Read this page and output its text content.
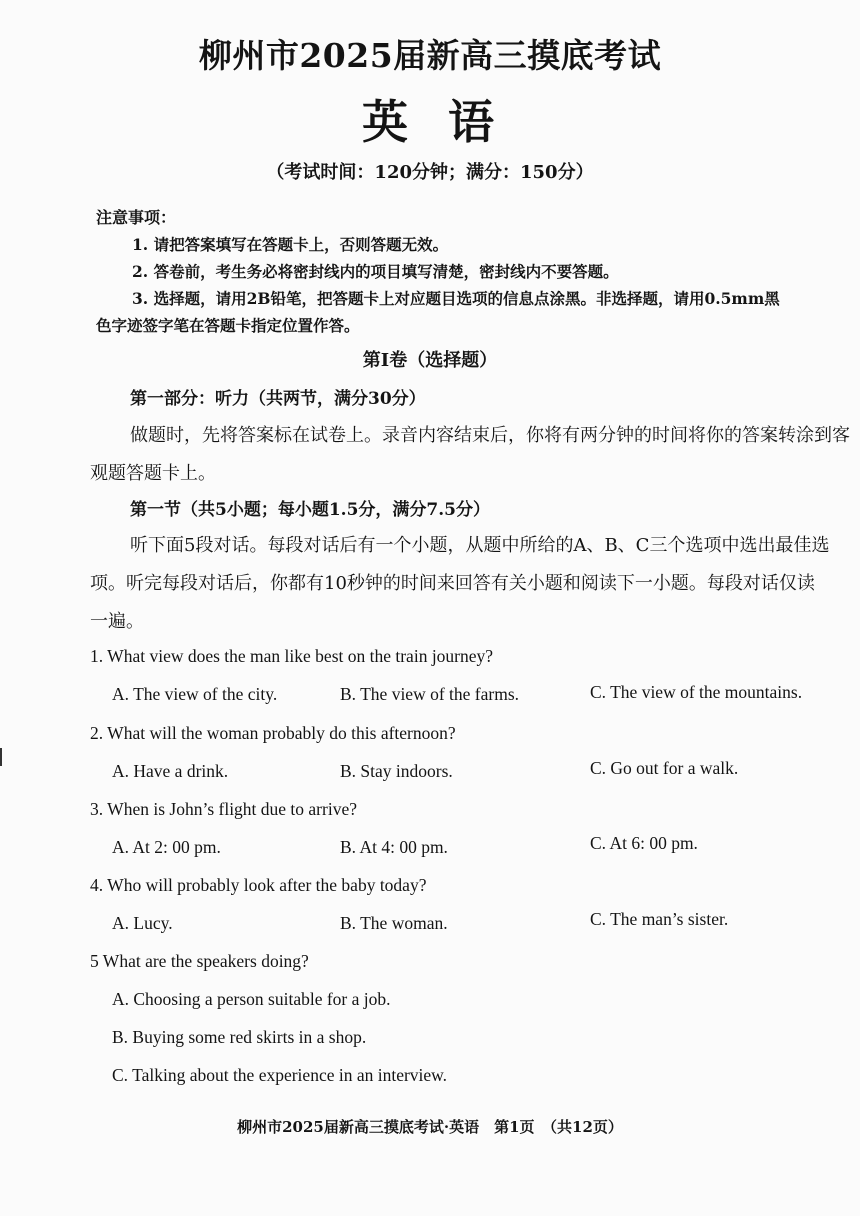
柳州市2025届新高三摸底考试
英语
（考试时间：120分钟；满分：150分）
注意事项：
1. 请把答案填写在答题卡上，否则答题无效。
2. 答卷前，考生务必将密封线内的项目填写清楚，密封线内不要答题。
3. 选择题，请用2B铅笔，把答题卡上对应题目选项的信息点涂黑。非选择题，请用0.5mm黑
色字迹签字笔在答题卡指定位置作答。
第Ⅰ卷（选择题）
第一部分：听力（共两节，满分30分）
做题时，先将答案标在试卷上。录音内容结束后，你将有两分钟的时间将你的答案转涂到客
观题答题卡上。
第一节（共5小题；每小题1.5分，满分7.5分）
听下面5段对话。每段对话后有一个小题，从题中所给的A、B、C三个选项中选出最佳选
项。听完每段对话后，你都有10秒钟的时间来回答有关小题和阅读下一小题。每段对话仅读
一遍。
1. What view does the man like best on the train journey?
A. The view of the city.	B. The view of the farms.	C. The view of the mountains.
2. What will the woman probably do this afternoon?
A. Have a drink.	B. Stay indoors.	C. Go out for a walk.
3. When is John’s flight due to arrive?
A. At 2: 00 pm.	B. At 4: 00 pm.	C. At 6: 00 pm.
4. Who will probably look after the baby today?
A. Lucy.	B. The woman.	C. The man’s sister.
5 What are the speakers doing?
A. Choosing a person suitable for a job.
B. Buying some red skirts in a shop.
C. Talking about the experience in an interview.
柳州市2025届新高三摸底考试·英语　第1页　（共12页）
